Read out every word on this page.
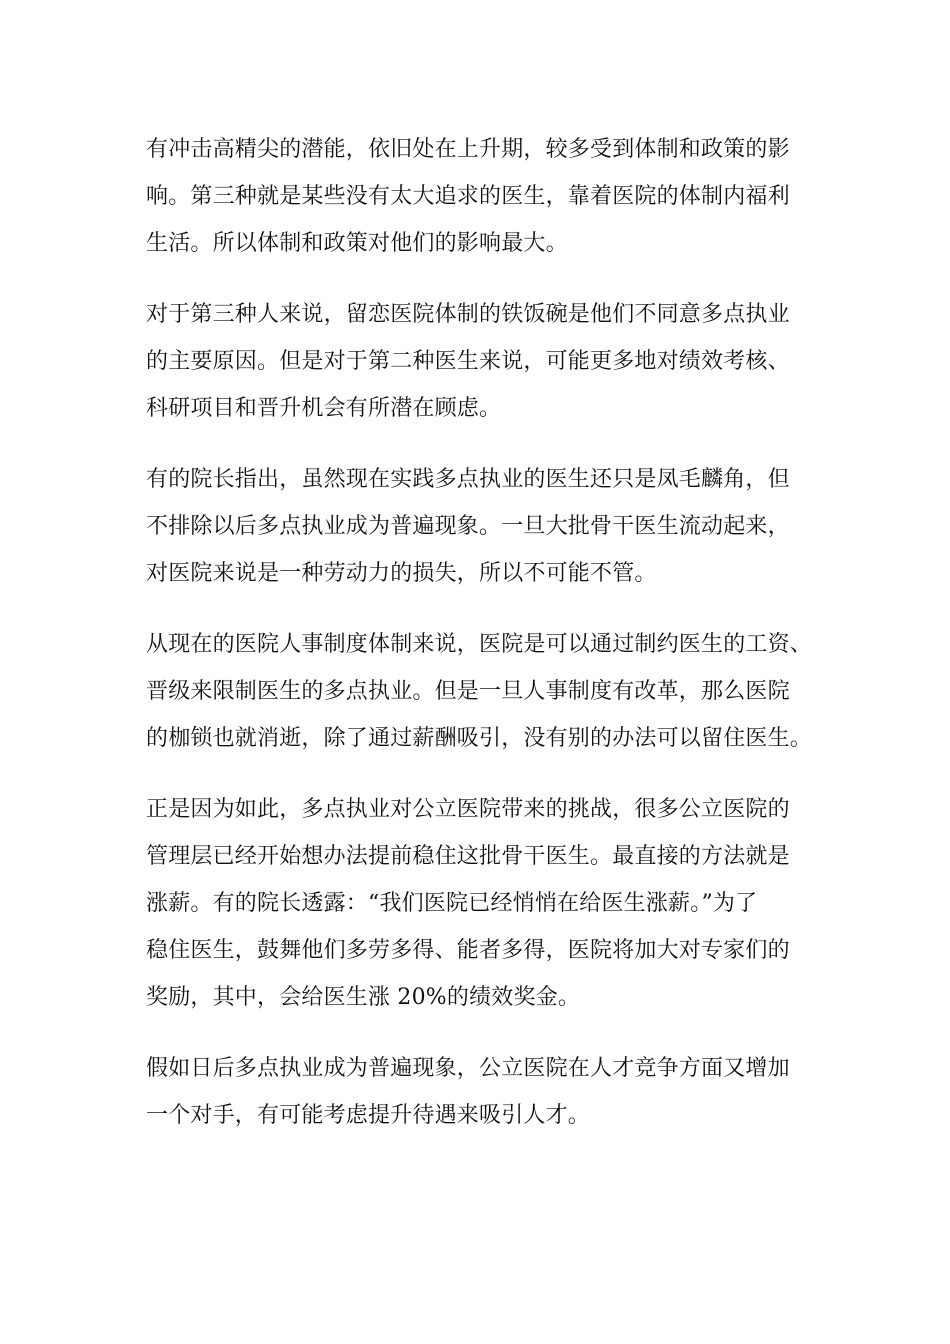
有冲击高精尖的潜能，依旧处在上升期，较多受到体制和政策的影
响。第三种就是某些没有太大追求的医生，靠着医院的体制内福利
生活。所以体制和政策对他们的影响最大。
对于第三种人来说，留恋医院体制的铁饭碗是他们不同意多点执业
的主要原因。但是对于第二种医生来说，可能更多地对绩效考核、
科研项目和晋升机会有所潜在顾虑。
有的院长指出，虽然现在实践多点执业的医生还只是凤毛麟角，但
不排除以后多点执业成为普遍现象。一旦大批骨干医生流动起来，
对医院来说是一种劳动力的损失，所以不可能不管。
从现在的医院人事制度体制来说，医院是可以通过制约医生的工资、
晋级来限制医生的多点执业。但是一旦人事制度有改革，那么医院
的枷锁也就消逝，除了通过薪酬吸引，没有别的办法可以留住医生。
正是因为如此，多点执业对公立医院带来的挑战，很多公立医院的
管理层已经开始想办法提前稳住这批骨干医生。最直接的方法就是
涨薪。有的院长透露：“我们医院已经悄悄在给医生涨薪。”为了
稳住医生，鼓舞他们多劳多得、能者多得，医院将加大对专家们的
奖励，其中，会给医生涨 20%的绩效奖金。
假如日后多点执业成为普遍现象，公立医院在人才竞争方面又增加
一个对手，有可能考虑提升待遇来吸引人才。
